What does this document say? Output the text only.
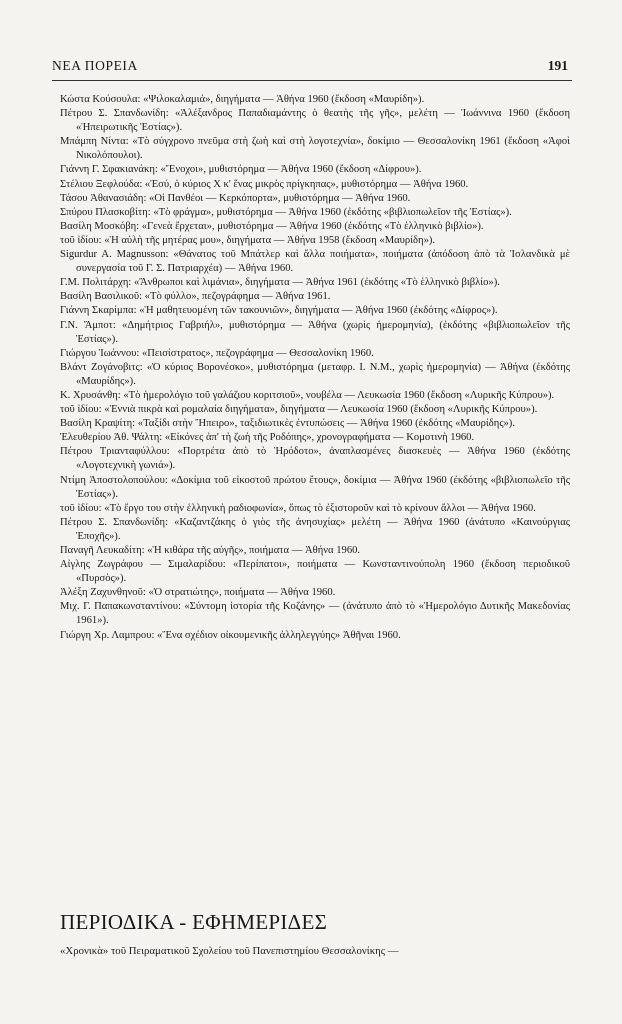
ΝΕΑ ΠΟΡΕΙΑ	191

Κώστα Κούσουλα: «Ψιλοκαλαμιά», διηγήματα — Ἀθήνα 1960 (ἔκδοση «Μαυρίδη»).

Πέτρου Σ. Σπανδωνίδη: «Ἀλέξανδρος Παπαδιαμάντης ὁ θεατὴς τῆς γῆς», μελέτη — Ἰωάννινα 1960 (ἔκδοση «Ἠπειρωτικῆς Ἑστίας»).

Μπάμπη Νίντα: «Τὸ σύγχρονο πνεῦμα στὴ ζωὴ καὶ στὴ λογοτεχνία», δοκίμιο — Θεσσαλονίκη 1961 (ἔκδοση «Ἀφοὶ Νικολόπουλοι).

Γιάννη Γ. Σφακιανάκη: «Ἔνοχοι», μυθιστόρημα — Ἀθήνα 1960 (ἔκδοση «Δίφρου»).

Στέλιου Ξεφλούδα: «Ἐσύ, ὁ κύριος Χ κ' ἕνας μικρὸς πρίγκηπας», μυθιστόρημα — Ἀθήνα 1960.

Τάσου Ἀθανασιάδη: «Οἱ Πανθέοι — Κερκόπορτα», μυθιστόρημα — Ἀθήνα 1960.

Σπύρου Πλασκοβίτη: «Τὸ φράγμα», μυθιστόρημα — Ἀθήνα 1960 (ἐκδότης «βιβλιοπωλεῖον τῆς Ἑστίας»).

Βασίλη Μοσκόβη: «Γενεὰ ἔρχεται», μυθιστόρημα — Ἀθήνα 1960 (ἐκδότης «Τὸ ἑλληνικὸ βιβλίο»).

τοῦ ἰδίου: «Ἡ αὐλὴ τῆς μητέρας μου», διηγήματα — Ἀθήνα 1958 (ἔκδοση «Μαυρίδη»).

Sigurdur A. Magnusson: «Θάνατος τοῦ Μπάτλερ καὶ ἄλλα ποιήματα», ποιήματα (ἀπόδοση ἀπὸ τὰ Ἰσλανδικὰ μὲ συνεργασία τοῦ Γ. Σ. Πατριαρχέα) — Ἀθήνα 1960.

Γ.Μ. Πολιτάρχη: «Ἄνθρωποι καὶ λιμάνια», διηγήματα — Ἀθήνα 1961 (ἐκδότης «Τὸ ἑλληνικὸ βιβλίο»).

Βασίλη Βασιλικοῦ: «Τὸ φύλλο», πεζογράφημα — Ἀθήνα 1961.

Γιάννη Σκαρίμπα: «Ἡ μαθητευομένη τῶν τακουνιῶν», διηγήματα — Ἀθήνα 1960 (ἐκδότης «Δίφρος»).

Γ.Ν. Ἄμποτ: «Δημήτριος Γαβριήλ», μυθιστόρημα — Ἀθήνα (χωρὶς ἡμερομηνία), (ἐκδότης «βιβλιοπωλεῖον τῆς Ἑστίας»).

Γιώργου Ἰωάννου: «Πεισίστρατος», πεζογράφημα — Θεσσαλονίκη 1960.

Βλάντ Ζογάνοβιτς: «Ὁ κύριος Βορονέσκο», μυθιστόρημα (μεταφρ. Ι. Ν.Μ., χωρὶς ἡμερομηνία) — Ἀθήνα (ἐκδότης «Μαυρίδης»).

Κ. Χρυσάνθη: «Τὸ ἡμερολόγιο τοῦ γαλάζιου κοριτσιοῦ», νουβέλα — Λευκωσία 1960 (ἔκδοση «Λυρικῆς Κύπρου»).

τοῦ ἰδίου: «Ἐννιὰ πικρὰ καὶ ρομαλαία διηγήματα», διηγήματα — Λευκωσία 1960 (ἔκδοση «Λυρικῆς Κύπρου»).

Βασίλη Κραψίτη: «Ταξίδι στὴν Ἤπειρο», ταξιδιωτικὲς ἐντυπώσεις — Ἀθήνα 1960 (ἐκδότης «Μαυρίδης»).

Ἐλευθερίου Ἀθ. Ψάλτη: «Εἰκόνες ἀπ' τὴ ζωὴ τῆς Ροδόπης», χρονογραφήματα — Κομοτινὴ 1960.

Πέτρου Τριανταφύλλου: «Πορτρέτα ἀπὸ τὸ Ἡρόδοτο», ἀναπλασμένες διασκευὲς — Ἀθήνα 1960 (ἐκδότης «Λογοτεχνικὴ γωνιά»).

Ντίμη Ἀποστολοπούλου: «Δοκίμια τοῦ εἰκοστοῦ πρώτου ἔτους», δοκίμια — Ἀθήνα 1960 (ἐκδότης «βιβλιοπωλεῖο τῆς Ἑστίας»).

τοῦ ἰδίου: «Τὸ ἔργο του στὴν ἑλληνικὴ ραδιοφωνία», ὅπως τὸ ἐξιστοροῦν καὶ τὸ κρίνουν ἄλλοι — Ἀθήνα 1960.

Πέτρου Σ. Σπανδωνίδη: «Καζαντζάκης ὁ γιὸς τῆς ἀνησυχίας» μελέτη — Ἀθήνα 1960 (ἀνάτυπο «Καινούργιας Ἐποχῆς»).

Παναγῆ Λευκαδίτη: «Ἡ κιθάρα τῆς αὐγῆς», ποιήματα — Ἀθήνα 1960.

Αἰγλης Ζωγράφου — Σιμαλαρίδου: «Περίπατοι», ποιήματα — Κωνσταντινούπολη 1960 (ἔκδοση περιοδικοῦ «Πυρσὸς»).

Ἀλέξη Ζαχυνθηνοῦ: «Ὁ στρατιώτης», ποιήματα — Ἀθήνα 1960.

Μιχ. Γ. Παπακωνσταντίνου: «Σύντομη ἱστορία τῆς Κοζάνης» — (ἀνάτυπο ἀπὸ τὸ «Ἡμερολόγιο Δυτικῆς Μακεδονίας 1961»).

Γιώργη Χρ. Λαμπρου: «Ἕνα σχέδιον οἰκουμενικῆς ἀλληλεγγύης» Ἀθῆναι 1960.

ΠΕΡΙΟΔΙΚΑ - ΕΦΗΜΕΡΙΔΕΣ
«Χρονικὰ» τοῦ Πειραματικοῦ Σχολείου τοῦ Πανεπιστημίου Θεσσαλονίκης —
